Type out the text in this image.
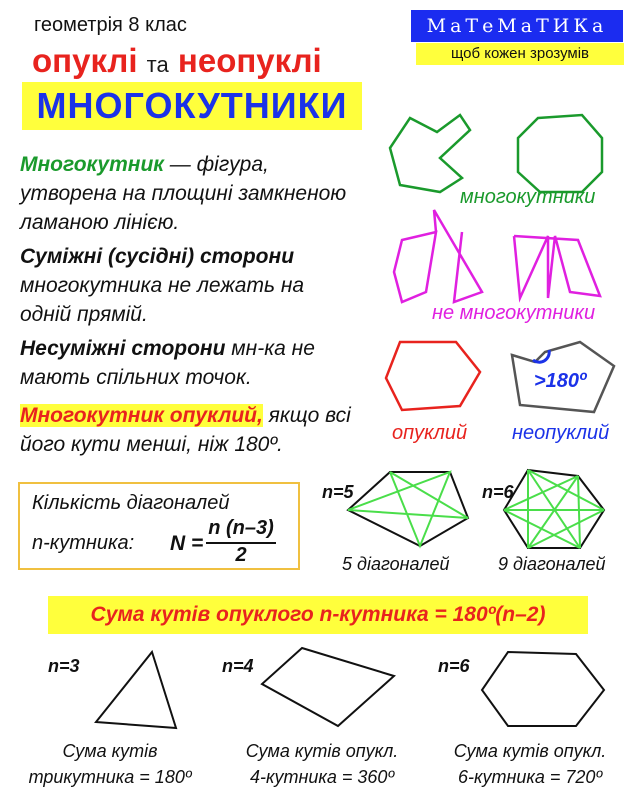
геометрія 8 клас
опуклі та неопуклі
МНОГОКУТНИКИ
МаТеМаТИКа
щоб кожен зрозумів
Многокутник — фігура, утворена на площині замкненою ламаною лінією.
Суміжні (сусідні) сторони многокутника не лежать на одній прямій.
Несуміжні сторони мн-ка не мають спільних точок.
Многокутник опуклий, якщо всі його кути менші, ніж 180º.
многокутники
не многокутники
>180º
опуклий неопуклий
Кількість діагоналей
n-кутника: N =
n (n–3)
2
n=5	n=6
5 діагоналей	9 діагоналей
Сума кутів опуклого n-кутника = 180º(n–2)
n=3	n=4	n=6
Сума кутів
трикутника = 180º
Сума кутів опукл.
4-кутника = 360º
Сума кутів опукл.
6-кутника = 720º
